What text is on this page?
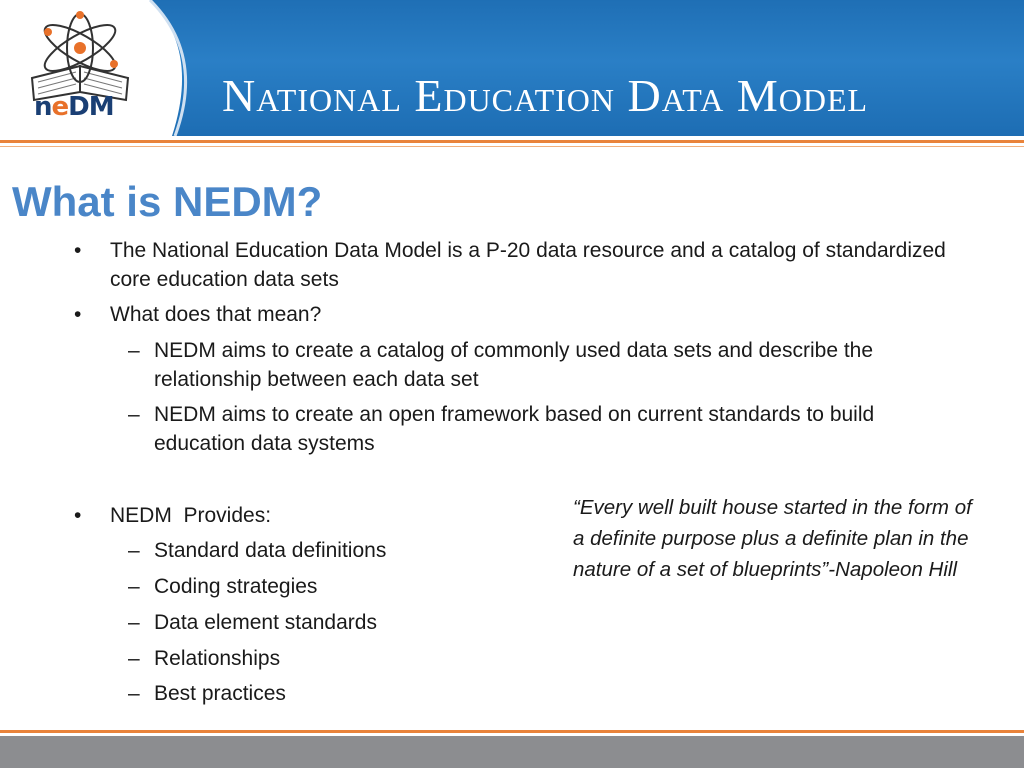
neDM	National Education Data Model
What is NEDM?
• The National Education Data Model is a P-20 data resource and a catalog of standardized core education data sets
• What does that mean?
– NEDM aims to create a catalog of commonly used data sets and describe the relationship between each data set
– NEDM aims to create an open framework based on current standards to build education data systems
• NEDM  Provides:
– Standard data definitions
– Coding strategies
– Data element standards
– Relationships
– Best practices
“Every well built house started in the form of a definite purpose plus a definite plan in the nature of a set of blueprints”-Napoleon Hill
